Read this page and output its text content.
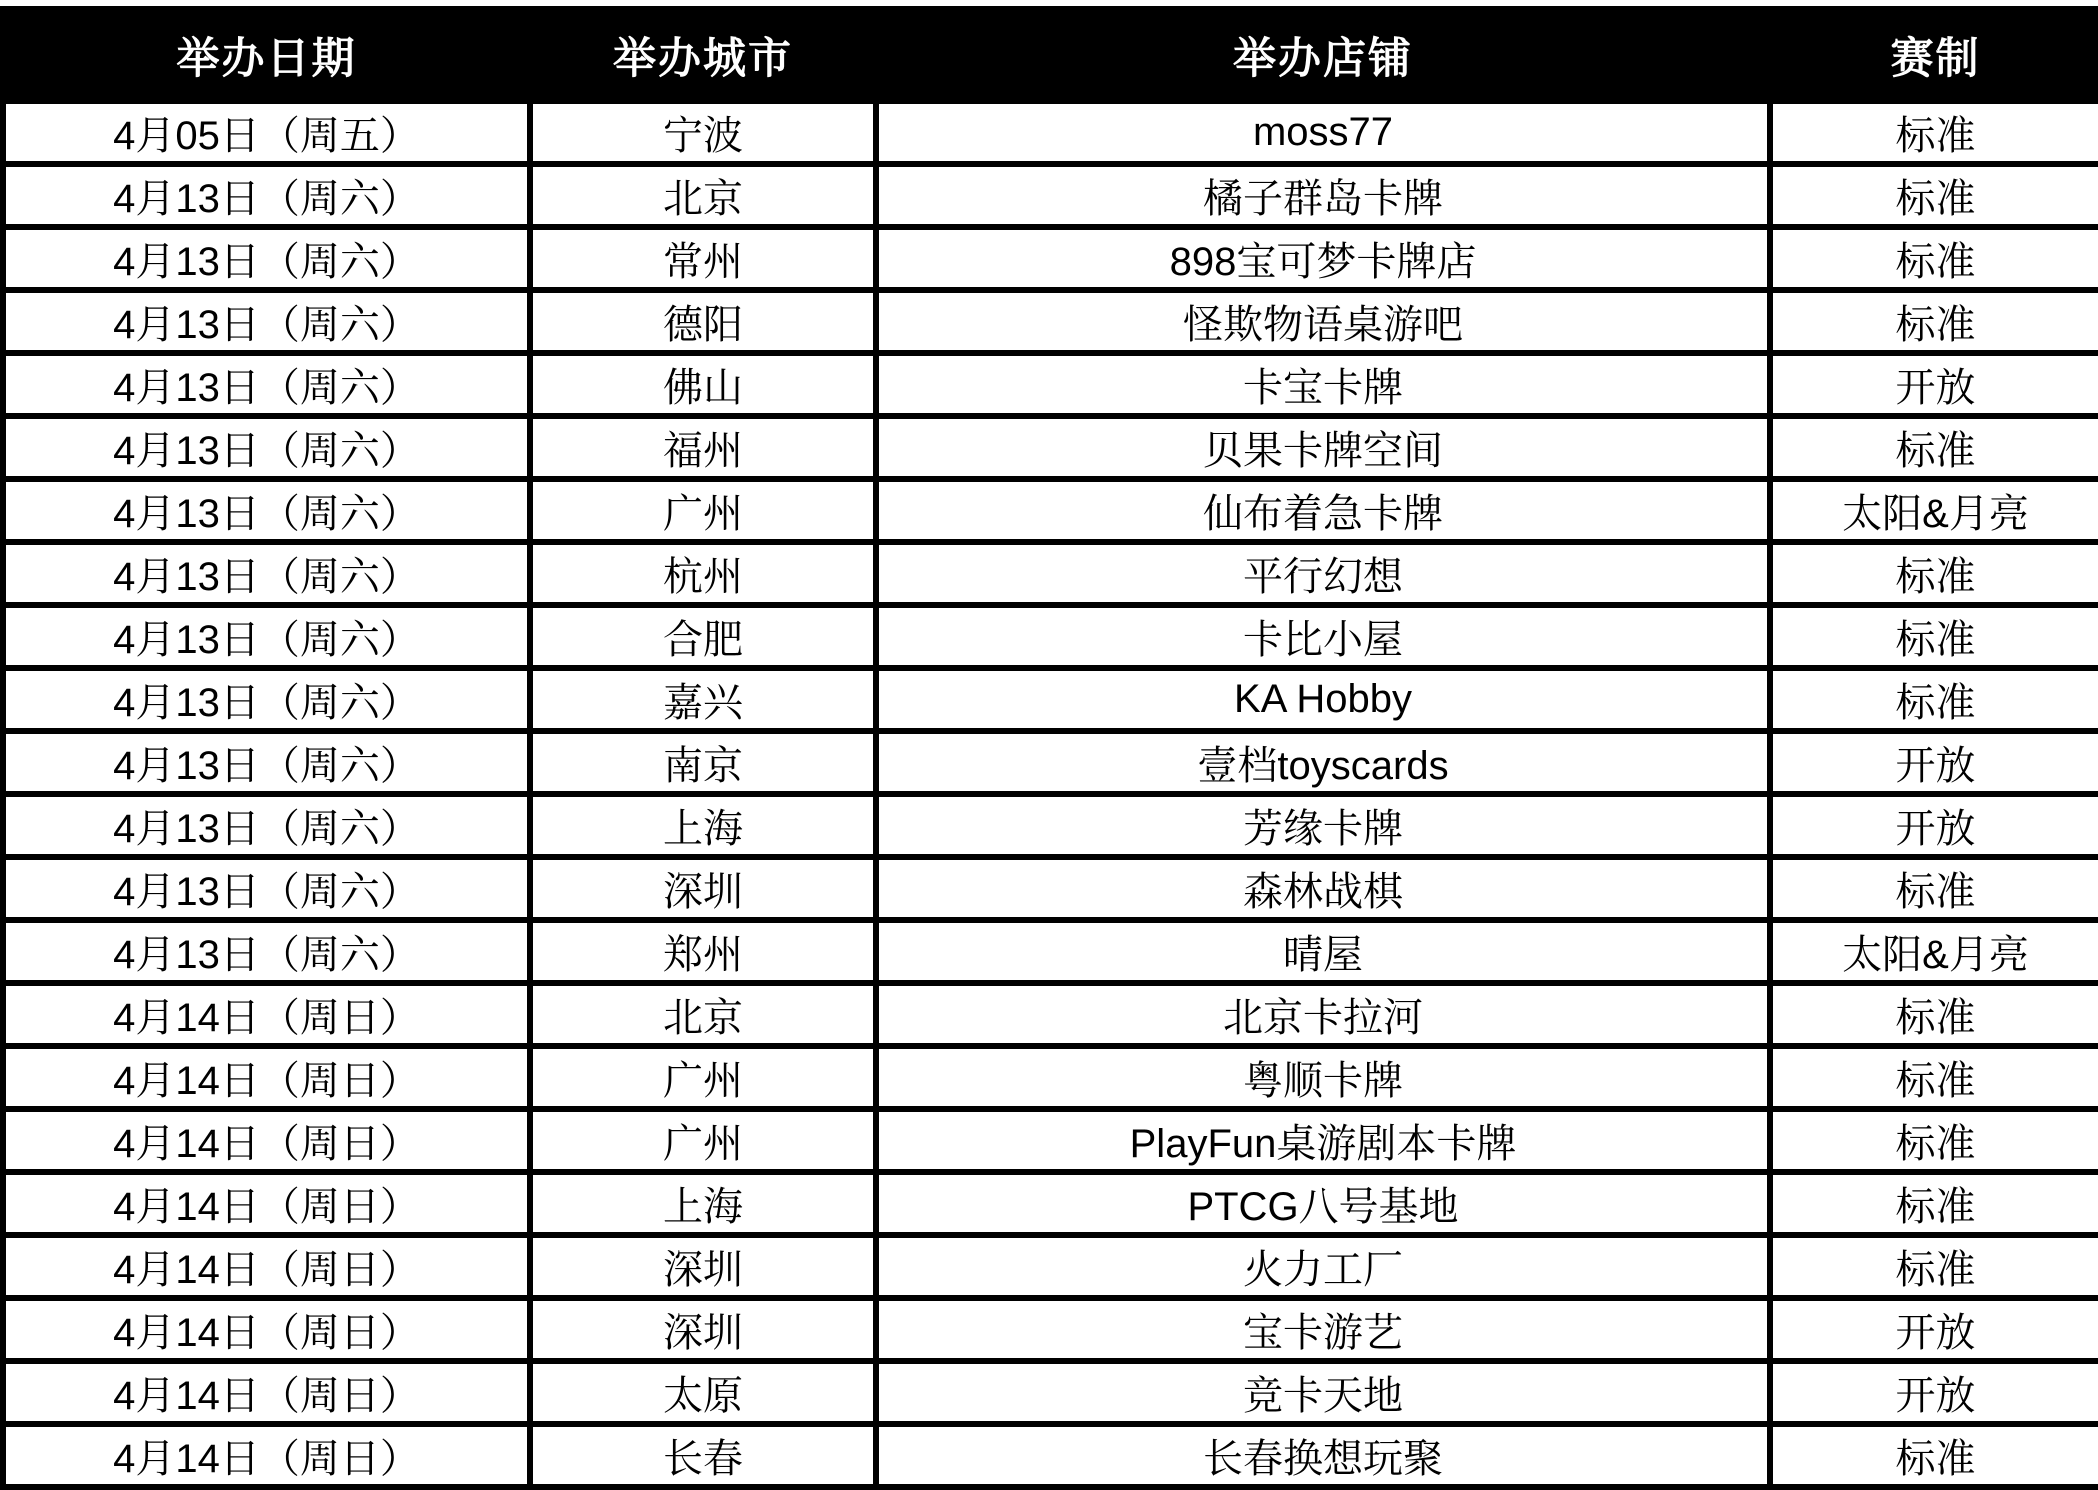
举办日期	举办城市	举办店铺	赛制
4月05日（周五）	宁波	moss77	标准
4月13日（周六）	北京	橘子群岛卡牌	标准
4月13日（周六）	常州	898宝可梦卡牌店	标准
4月13日（周六）	德阳	怪欺物语桌游吧	标准
4月13日（周六）	佛山	卡宝卡牌	开放
4月13日（周六）	福州	贝果卡牌空间	标准
4月13日（周六）	广州	仙布着急卡牌	太阳&月亮
4月13日（周六）	杭州	平行幻想	标准
4月13日（周六）	合肥	卡比小屋	标准
4月13日（周六）	嘉兴	KA Hobby	标准
4月13日（周六）	南京	壹档toyscards	开放
4月13日（周六）	上海	芳缘卡牌	开放
4月13日（周六）	深圳	森林战棋	标准
4月13日（周六）	郑州	晴屋	太阳&月亮
4月14日（周日）	北京	北京卡拉河	标准
4月14日（周日）	广州	粤顺卡牌	标准
4月14日（周日）	广州	PlayFun桌游剧本卡牌	标准
4月14日（周日）	上海	PTCG八号基地	标准
4月14日（周日）	深圳	火力工厂	标准
4月14日（周日）	深圳	宝卡游艺	开放
4月14日（周日）	太原	竞卡天地	开放
4月14日（周日）	长春	长春换想玩聚	标准
